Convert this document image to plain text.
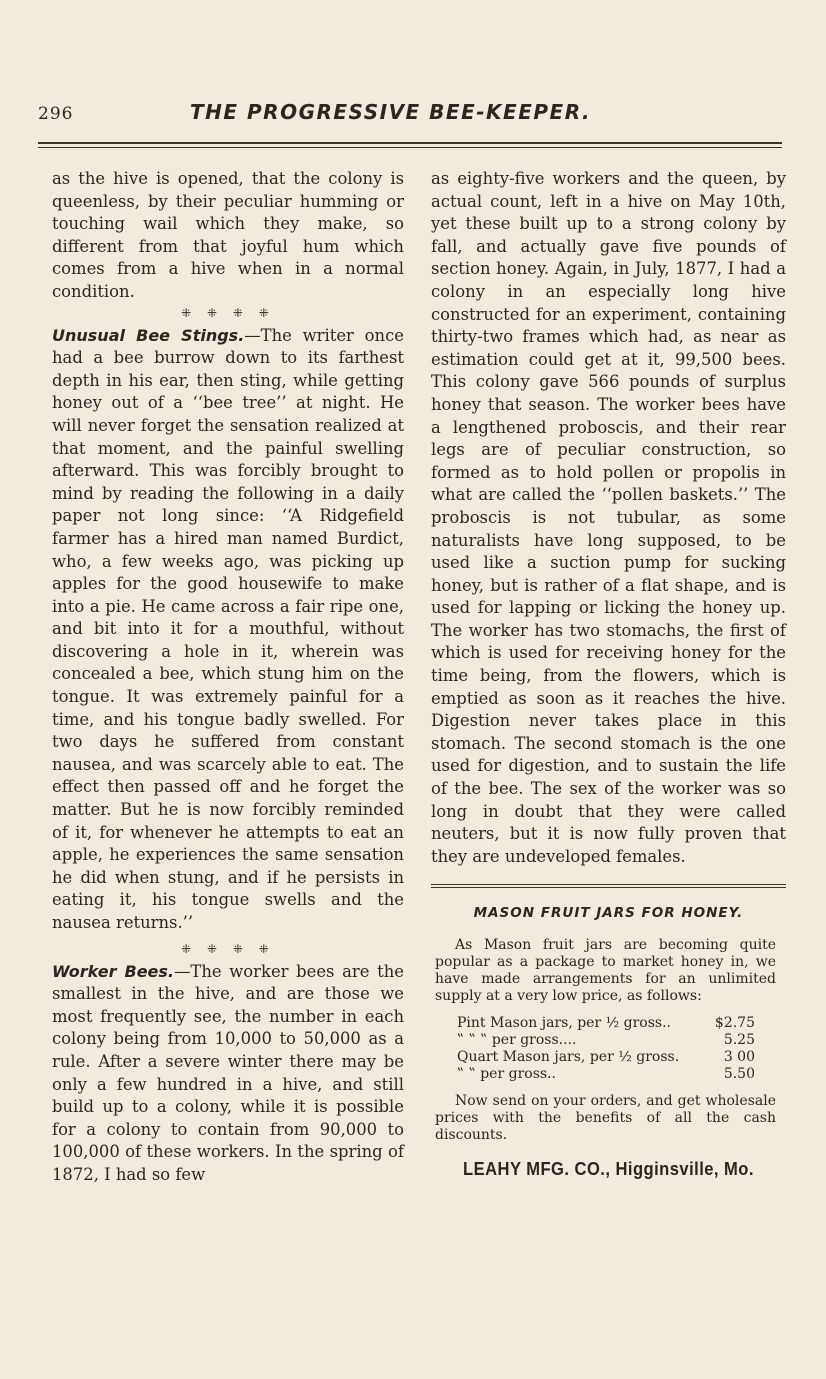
296	THE PROGRESSIVE BEE-KEEPER.

as the hive is opened, that the colony is queenless, by their peculiar humming or touching wail which they make, so different from that joyful hum which comes from a hive when in a normal condition.

⁜ ⁜ ⁜ ⁜

Unusual Bee Stings.—The writer once had a bee burrow down to its farthest depth in his ear, then sting, while getting honey out of a ‘‘bee tree’’ at night. He will never forget the sensation realized at that moment, and the painful swelling afterward. This was forcibly brought to mind by reading the following in a daily paper not long since: ‘‘A Ridgefield farmer has a hired man named Burdict, who, a few weeks ago, was picking up apples for the good housewife to make into a pie. He came across a fair ripe one, and bit into it for a mouthful, without discovering a hole in it, wherein was concealed a bee, which stung him on the tongue. It was extremely painful for a time, and his tongue badly swelled. For two days he suffered from constant nausea, and was scarcely able to eat. The effect then passed off and he forget the matter. But he is now forcibly reminded of it, for whenever he attempts to eat an apple, he experiences the same sensation he did when stung, and if he persists in eating it, his tongue swells and the nausea returns.’’

⁜ ⁜ ⁜ ⁜

Worker Bees.—The worker bees are the smallest in the hive, and are those we most frequently see, the number in each colony being from 10,000 to 50,000 as a rule. After a severe winter there may be only a few hundred in a hive, and still build up to a colony, while it is possible for a colony to contain from 90,000 to 100,000 of these workers. In the spring of 1872, I had so few

as eighty-five workers and the queen, by actual count, left in a hive on May 10th, yet these built up to a strong colony by fall, and actually gave five pounds of section honey. Again, in July, 1877, I had a colony in an especially long hive constructed for an experiment, containing thirty-two frames which had, as near as estimation could get at it, 99,500 bees. This colony gave 566 pounds of surplus honey that season. The worker bees have a lengthened proboscis, and their rear legs are of peculiar construction, so formed as to hold pollen or propolis in what are called the ‘‘pollen baskets.’’ The proboscis is not tubular, as some naturalists have long supposed, to be used like a suction pump for sucking honey, but is rather of a flat shape, and is used for lapping or licking the honey up. The worker has two stomachs, the first of which is used for receiving honey for the time being, from the flowers, which is emptied as soon as it reaches the hive. Digestion never takes place in this stomach. The second stomach is the one used for digestion, and to sustain the life of the bee. The sex of the worker was so long in doubt that they were called neuters, but it is now fully proven that they are undeveloped females.

MASON FRUIT JARS FOR HONEY.

As Mason fruit jars are becoming quite popular as a package to market honey in, we have made arrangements for an unlimited supply at a very low price, as follows:

Pint Mason jars, per ½ gross..	$2.75
‟ ‟ ‟ per gross....	5.25
Quart Mason jars, per ½ gross.	3 00
‟ ‟ per gross..	5.50

Now send on your orders, and get wholesale prices with the benefits of all the cash discounts.

LEAHY MFG. CO., Higginsville, Mo.
